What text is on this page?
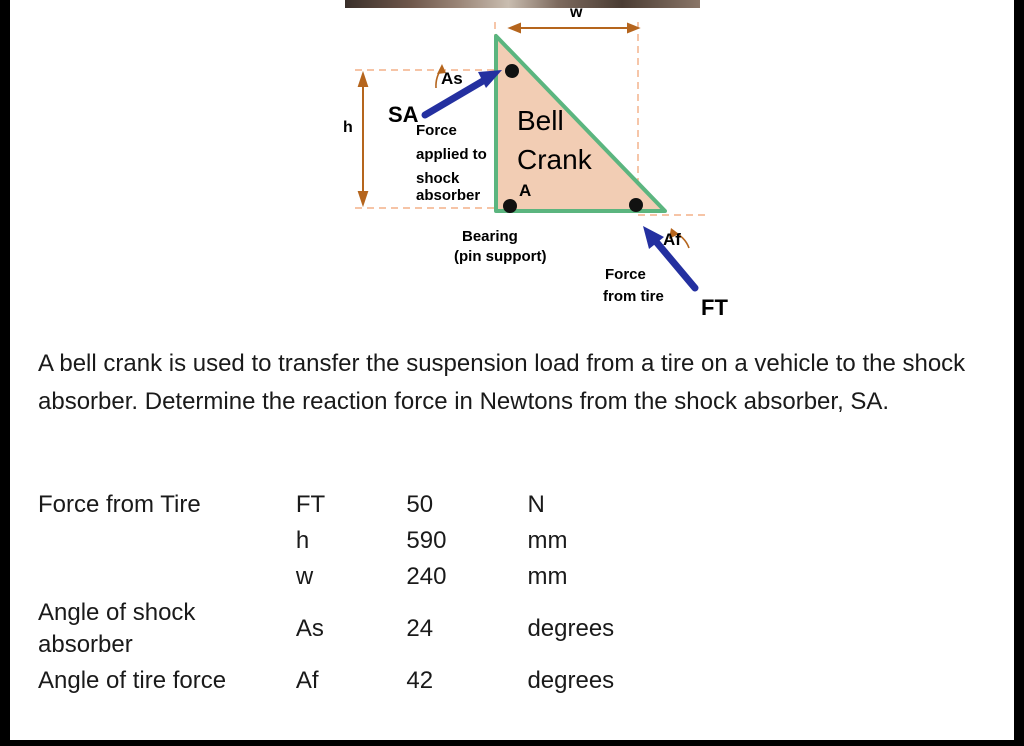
w
h
As
Af
SA
FT
A
Force
applied to
shock
absorber
Bearing
(pin support)
Force
from tire
Bell
Crank

A bell crank is used to transfer the suspension load from a tire on a vehicle to the shock absorber. Determine the reaction force in Newtons from the shock absorber, SA.

Force from Tire	FT	50	N
	h	590	mm
	w	240	mm
Angle of shock absorber	As	24	degrees
Angle of tire force	Af	42	degrees
